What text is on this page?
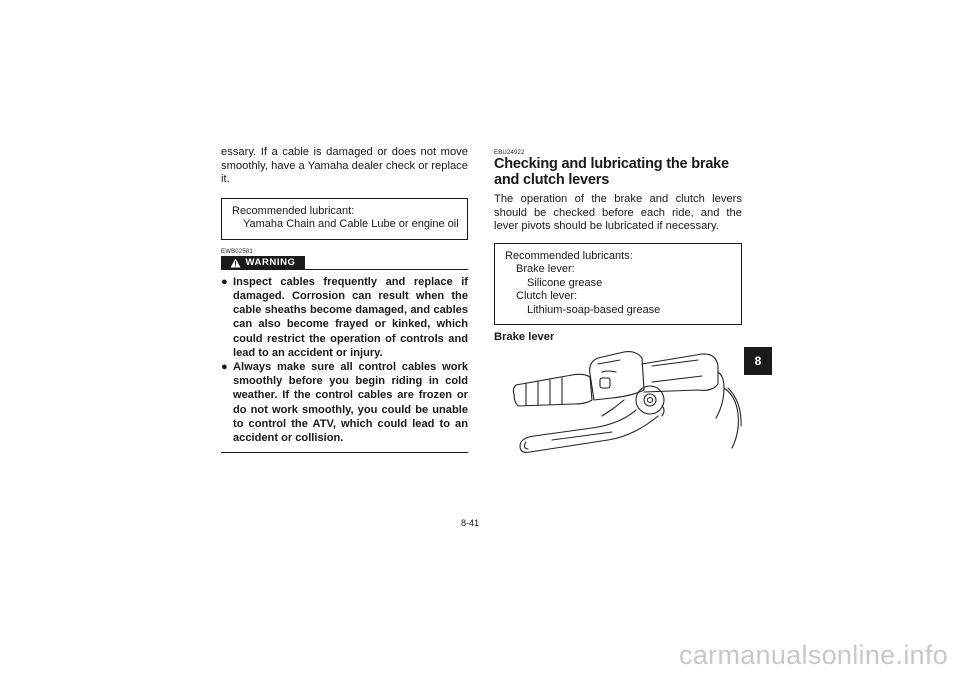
essary. If a cable is damaged or does not move smoothly, have a Yamaha dealer check or replace it.

Recommended lubricant:
Yamaha Chain and Cable Lube or engine oil
EWB02581
WARNING
● Inspect cables frequently and replace if damaged. Corrosion can result when the cable sheaths become damaged, and cables can also become frayed or kinked, which could restrict the operation of controls and lead to an accident or injury.
● Always make sure all control cables work smoothly before you begin riding in cold weather. If the control cables are frozen or do not work smoothly, you could be unable to control the ATV, which could lead to an accident or collision.
EBU24922
Checking and lubricating the brake and clutch levers

The operation of the brake and clutch levers should be checked before each ride, and the lever pivots should be lubricated if necessary.

Recommended lubricants:
Brake lever:
Silicone grease
Clutch lever:
Lithium-soap-based grease
Brake lever
8
8-41
carmanualsonline.info
